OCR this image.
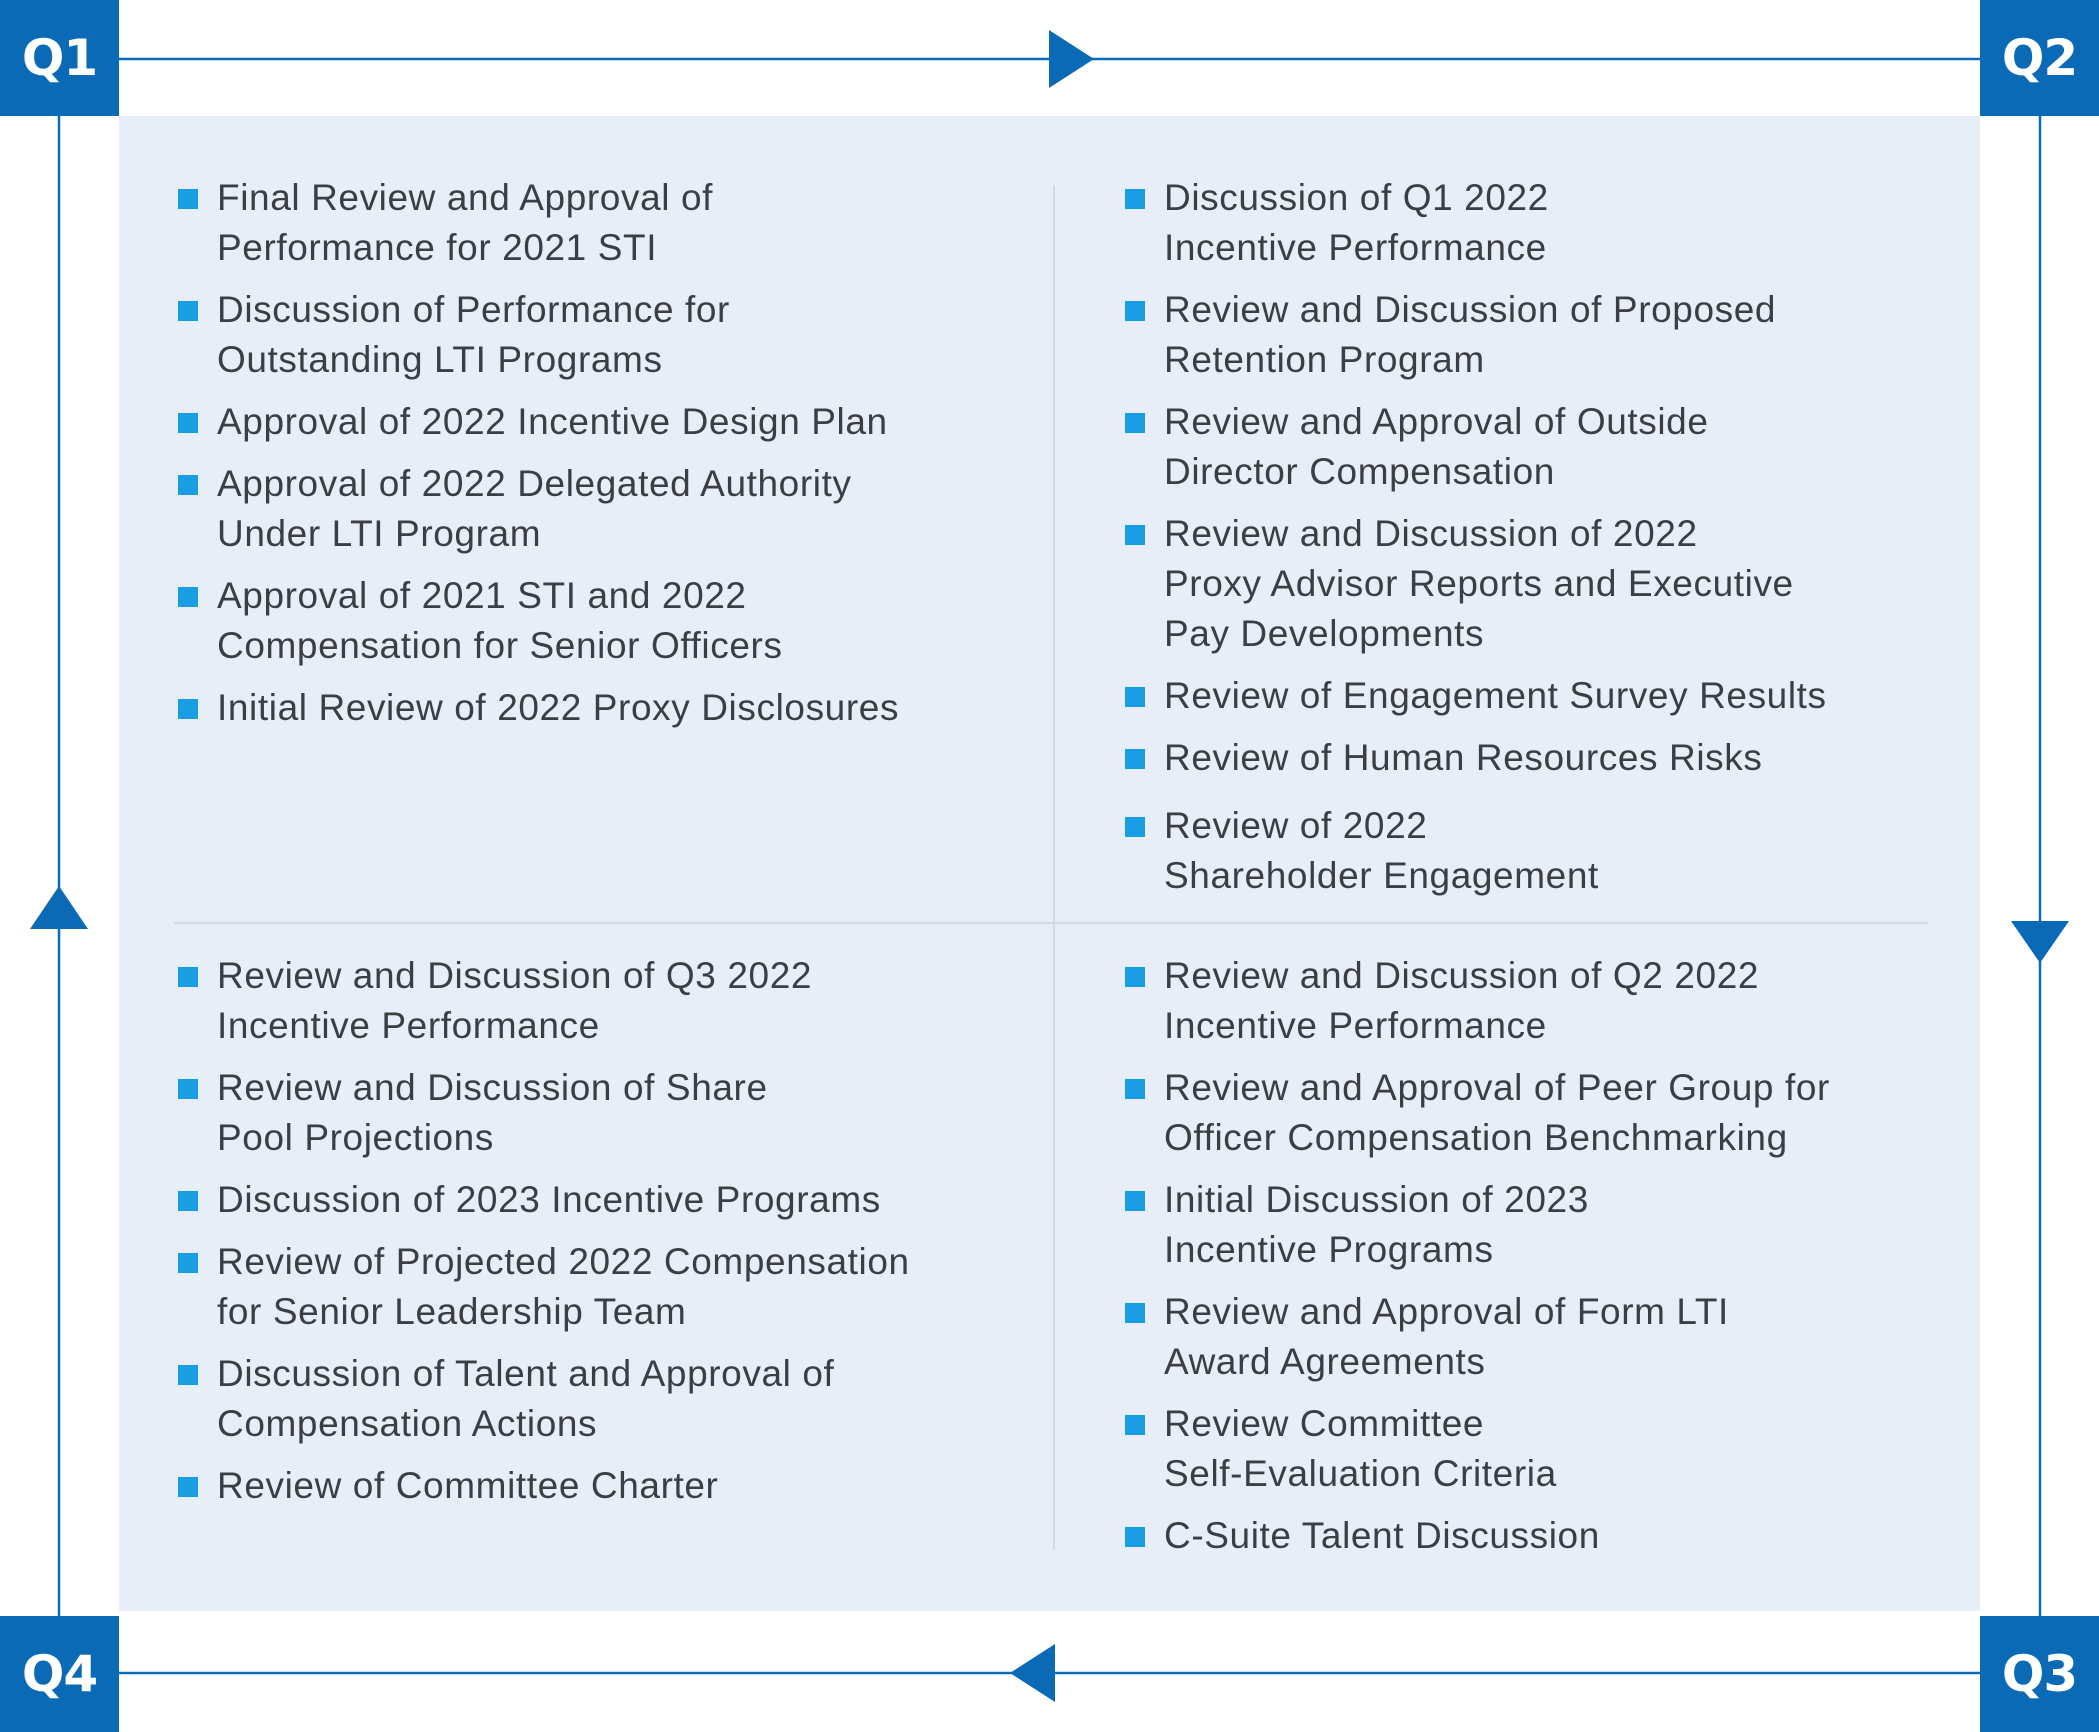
Q1	Q2
Q3
Q4
Final Review and Approval of
Performance for 2021 STI
Discussion of Performance for
Outstanding LTI Programs
Approval of 2022 Incentive Design Plan
Approval of 2022 Delegated Authority
Under LTI Program
Approval of 2021 STI and 2022
Compensation for Senior Officers
Initial Review of 2022 Proxy Disclosures
Discussion of Q1 2022
Incentive Performance
Review and Discussion of Proposed
Retention Program
Review and Approval of Outside
Director Compensation
Review and Discussion of 2022
Proxy Advisor Reports and Executive
Pay Developments
Review of Engagement Survey Results
Review of Human Resources Risks
Review of 2022
Shareholder Engagement
Review and Discussion of Q3 2022
Incentive Performance
Review and Discussion of Share
Pool Projections
Discussion of 2023 Incentive Programs
Review of Projected 2022 Compensation
for Senior Leadership Team
Discussion of Talent and Approval of
Compensation Actions
Review of Committee Charter
Review and Discussion of Q2 2022
Incentive Performance
Review and Approval of Peer Group for
Officer Compensation Benchmarking
Initial Discussion of 2023
Incentive Programs
Review and Approval of Form LTI
Award Agreements
Review Committee
Self-Evaluation Criteria
C-Suite Talent Discussion
